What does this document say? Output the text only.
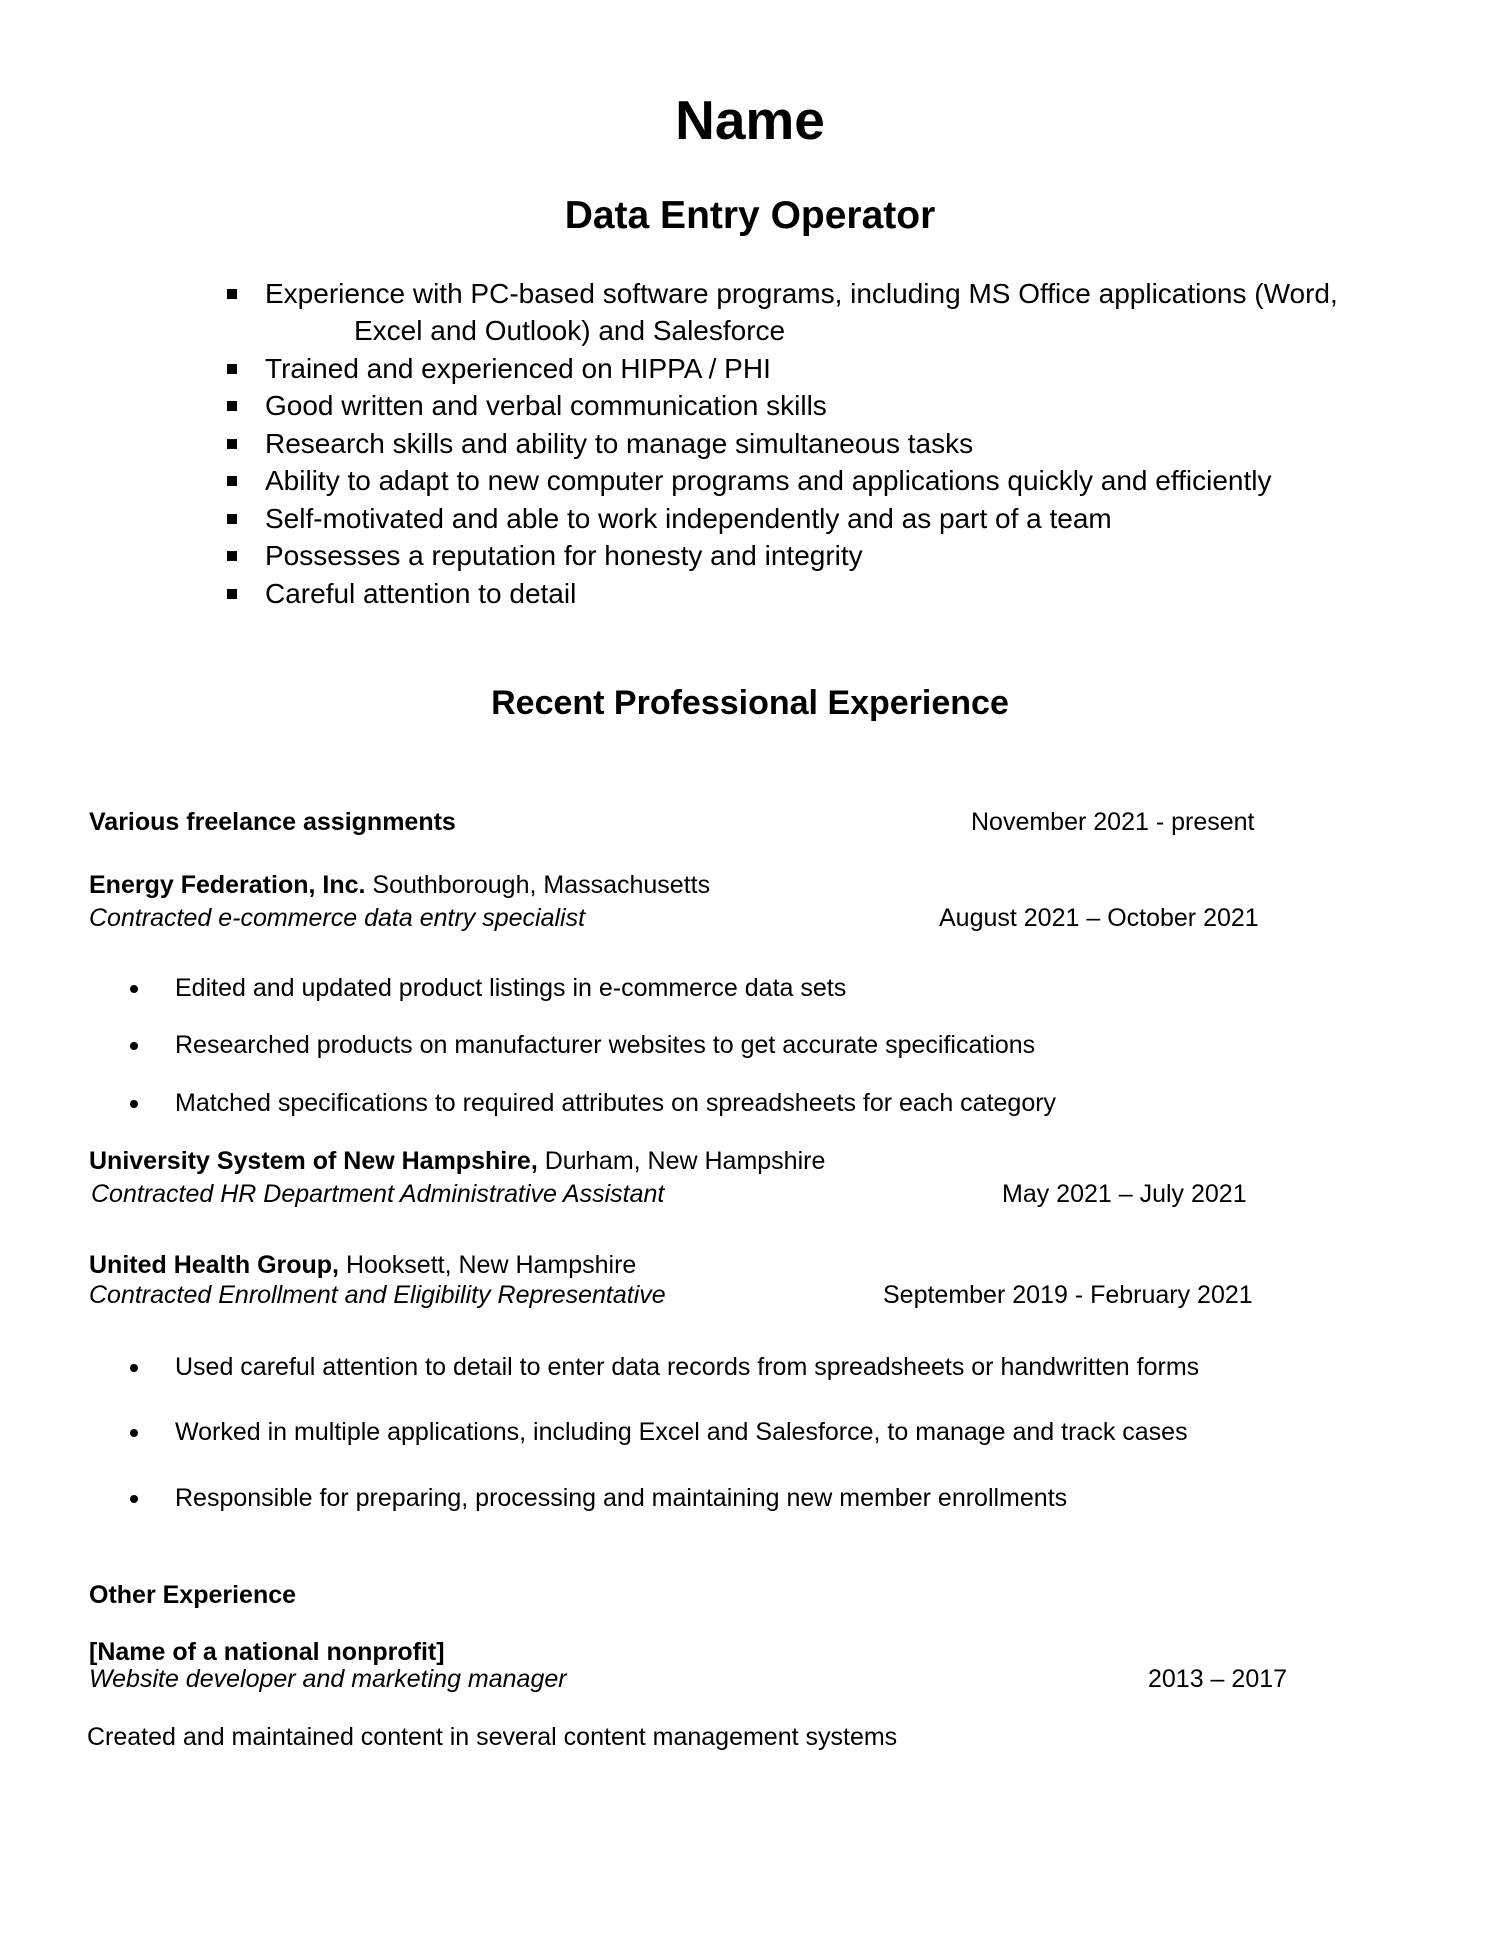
Name
Data Entry Operator
Experience with PC-based software programs, including MS Office applications (Word,
Excel and Outlook) and Salesforce
Trained and experienced on HIPPA / PHI
Good written and verbal communication skills
Research skills and ability to manage simultaneous tasks
Ability to adapt to new computer programs and applications quickly and efficiently
Self-motivated and able to work independently and as part of a team
Possesses a reputation for honesty and integrity
Careful attention to detail
Recent Professional Experience
Various freelance assignments	November 2021 - present
Energy Federation, Inc. Southborough, Massachusetts
Contracted e-commerce data entry specialist	August 2021 – October 2021
Edited and updated product listings in e-commerce data sets
Researched products on manufacturer websites to get accurate specifications
Matched specifications to required attributes on spreadsheets for each category
University System of New Hampshire, Durham, New Hampshire
Contracted HR Department Administrative Assistant	May 2021 – July 2021
United Health Group, Hooksett, New Hampshire
Contracted Enrollment and Eligibility Representative	September 2019 - February 2021
Used careful attention to detail to enter data records from spreadsheets or handwritten forms
Worked in multiple applications, including Excel and Salesforce, to manage and track cases
Responsible for preparing, processing and maintaining new member enrollments
Other Experience
[Name of a national nonprofit]
Website developer and marketing manager	2013 – 2017
Created and maintained content in several content management systems
